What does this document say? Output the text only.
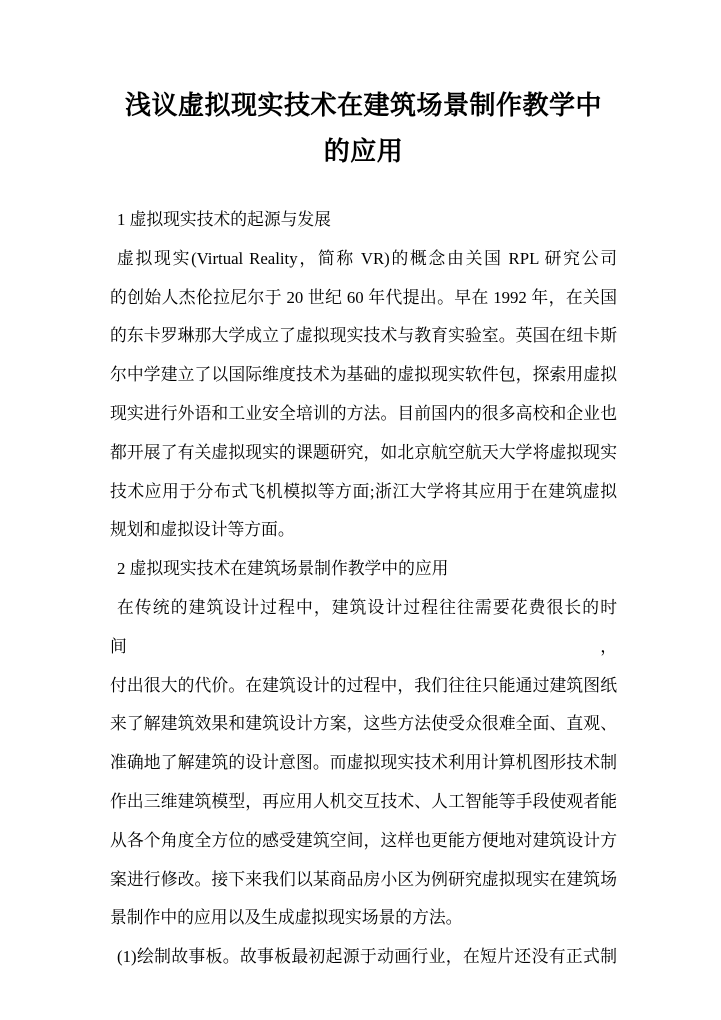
浅议虚拟现实技术在建筑场景制作教学中
的应用
1 虚拟现实技术的起源与发展
虚拟现实(Virtual Reality，简称 VR)的概念由关国 RPL 研究公司
的创始人杰伦拉尼尔于 20 世纪 60 年代提出。早在 1992 年，在关国
的东卡罗琳那大学成立了虚拟现实技术与教育实验室。英国在纽卡斯
尔中学建立了以国际维度技术为基础的虚拟现实软件包，探索用虚拟
现实进行外语和工业安全培训的方法。目前国内的很多高校和企业也
都开展了有关虚拟现实的课题研究，如北京航空航天大学将虚拟现实
技术应用于分布式飞机模拟等方面;浙江大学将其应用于在建筑虚拟
规划和虚拟设计等方面。
2 虚拟现实技术在建筑场景制作教学中的应用
在传统的建筑设计过程中，建筑设计过程往往需要花费很长的时间，
付出很大的代价。在建筑设计的过程中，我们往往只能通过建筑图纸
来了解建筑效果和建筑设计方案，这些方法使受众很难全面、直观、
准确地了解建筑的设计意图。而虚拟现实技术利用计算机图形技术制
作出三维建筑模型，再应用人机交互技术、人工智能等手段使观者能
从各个角度全方位的感受建筑空间，这样也更能方便地对建筑设计方
案进行修改。接下来我们以某商品房小区为例研究虚拟现实在建筑场
景制作中的应用以及生成虚拟现实场景的方法。
(1)绘制故事板。故事板最初起源于动画行业，在短片还没有正式制
